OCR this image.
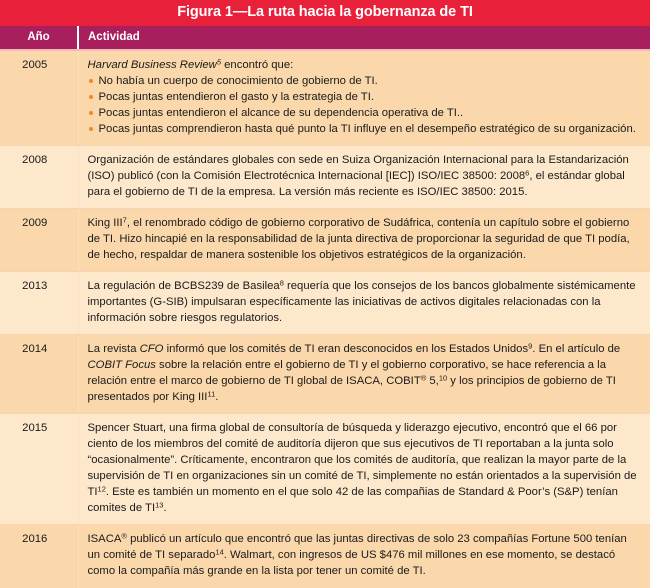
Figura 1—La ruta hacia la gobernanza de TI
Año	Actividad
2005	Harvard Business Review$^5$ encontró que:

No había un cuerpo de conocimiento de gobierno de TI.
Pocas juntas entendieron el gasto y la estrategia de TI.
Pocas juntas entendieron el alcance de su dependencia operativa de TI..
Pocas juntas comprendieron hasta qué punto la TI influye en el desempeño estratégico de su organización.

2008	Organización de estándares globales con sede en Suiza Organización Internacional para la Estandarización (ISO) publicó (con la Comisión Electrotécnica Internacional [IEC]) ISO/IEC 38500: 2008$^6$, el estándar global para el gobierno de TI de la empresa. La versión más reciente es ISO/IEC 38500: 2015.

2009	King III$^7$, el renombrado código de gobierno corporativo de Sudáfrica, contenía un capítulo sobre el gobierno de TI. Hizo hincapié en la responsabilidad de la junta directiva de proporcionar la seguridad de que TI podía, de hecho, respaldar de manera sostenible los objetivos estratégicos de la organización.

2013	La regulación de BCBS239 de Basilea$^8$ requería que los consejos de los bancos globalmente sistémicamente importantes (G-SIB) impulsaran específicamente las iniciativas de activos digitales relacionadas con la información sobre riesgos regulatorios.

2014	La revista CFO informó que los comités de TI eran desconocidos en los Estados Unidos$^9$. En el artículo de COBIT Focus sobre la relación entre el gobierno de TI y el gobierno corporativo, se hace referencia a la relación entre el marco de gobierno de TI global de ISACA, COBIT® 5,10 y los principios de gobierno de TI presentados por King III$^{11}$.

2015	Spencer Stuart, una firma global de consultoría de búsqueda y liderazgo ejecutivo, encontró que el 66 por ciento de los miembros del comité de auditoría dijeron que sus ejecutivos de TI reportaban a la junta solo “ocasionalmente”. Críticamente, encontraron que los comités de auditoría, que realizan la mayor parte de la supervisión de TI en organizaciones sin un comité de TI, simplemente no están orientados a la supervisión de TI$^{12}$. Este es también un momento en el que solo 42 de las compañias de Standard & Poor’s (S&P) tenían comites de TI$^{13}$.

2016	ISACA® publicó un artículo que encontró que las juntas directivas de solo 23 compañías Fortune 500 tenían un comité de TI separado$^{14}$. Walmart, con ingresos de US $476 mil millones en ese momento, se destacó como la compañía más grande en la lista por tener un comité de TI.
